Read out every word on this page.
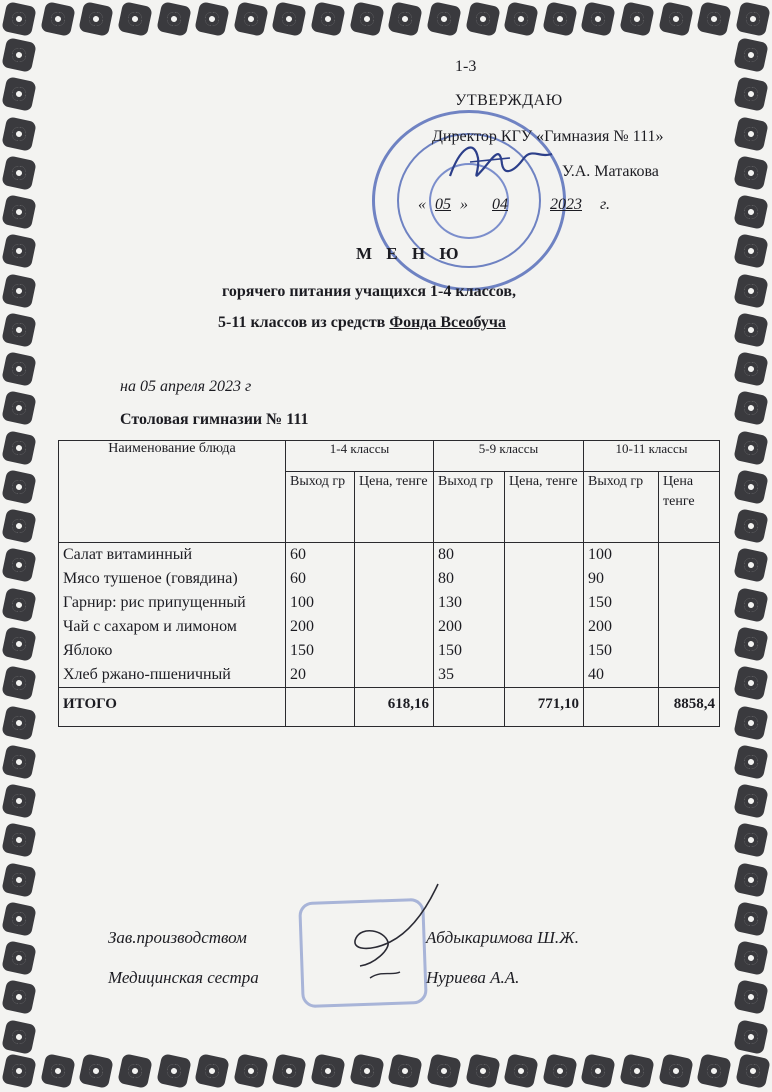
1-3
УТВЕРЖДАЮ
Директор КГУ «Гимназия № 111»
У.А. Матакова
« 05 » 04	2023 г.
М Е Н Ю
горячего питания учащихся 1-4 классов,
5-11 классов из средств Фонда Всеобуча
на 05 апреля 2023 г
Столовая гимназии № 111
Наименование блюда	1-4 классы		5-9 классы		10-11 классы	
	Выход гр	Цена, тенге	Выход гр	Цена, тенге	Выход гр	Цена тенге
Салат витаминный	60		80		100	
Мясо тушеное (говядина)	60		80		90	
Гарнир: рис припущенный	100		130		150	
Чай с сахаром и лимоном	200		200		200	
Яблоко	150		150		150	
Хлеб ржано-пшеничный	20		35		40	
ИТОГО		618,16		771,10		8858,4
Зав.производством	Абдыкаримова Ш.Ж.
Медицинская сестра	Нуриева А.А.
